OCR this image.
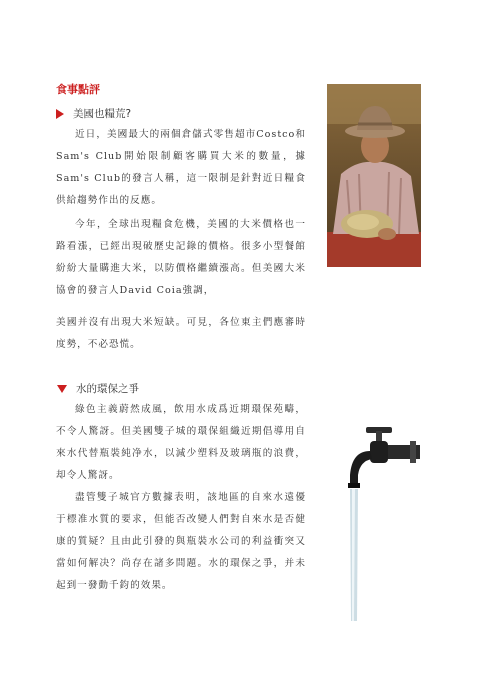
食事點評
美國也糧荒?

近日，美國最大的兩個倉儲式零售超市Costco和Sam's Club開始限制顧客購買大米的數量，據Sam's Club的發言人稱，這一限制是針對近日糧食供給趨勢作出的反應。

今年，全球出現糧食危機，美國的大米價格也一路看漲，已經出現破歷史記錄的價格。很多小型餐館紛紛大量購進大米，以防價格繼續漲高。但美國大米協會的發言人David Coia強調，

美國并沒有出現大米短缺。可見，各位東主們應審時度勢，不必恐慌。

水的環保之爭

綠色主義蔚然成風，飲用水成爲近期環保苑疇，不令人驚訝。但美國雙子城的環保組織近期倡導用自來水代替瓶裝純净水，以減少塑料及玻璃瓶的浪費，却令人驚訝。

盡管雙子城官方數據表明，該地區的自來水遠優于標准水質的要求，但能否改變人們對自來水是否健康的質疑？且由此引發的與瓶裝水公司的利益衝突又當如何解决？尚存在諸多問題。水的環保之爭，并未起到一發動千鈞的效果。
